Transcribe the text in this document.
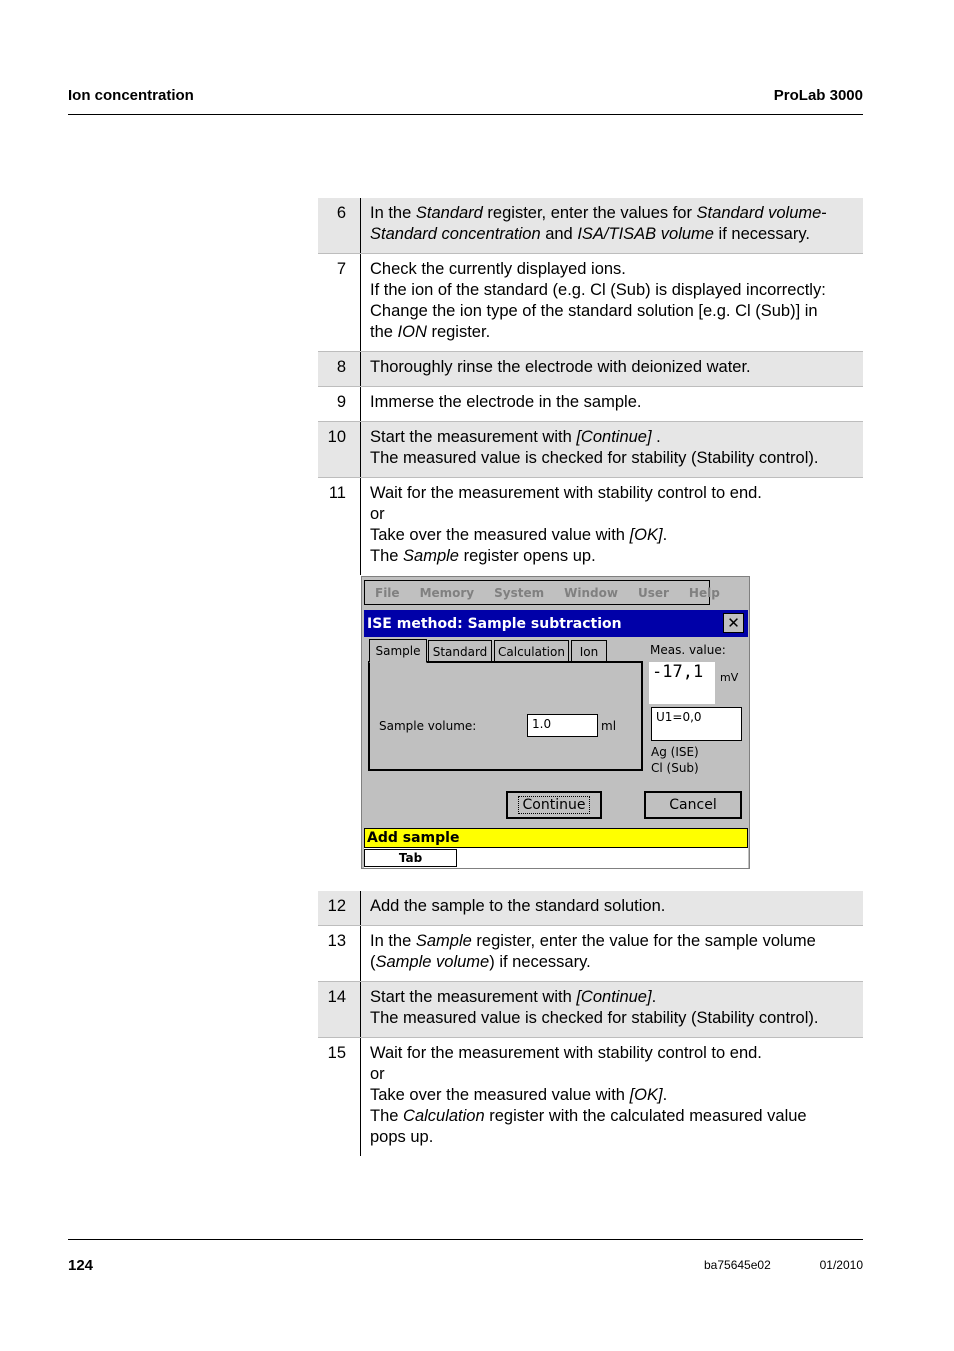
Ion concentration	ProLab 3000
6	In the Standard register, enter the values for Standard volume-
Standard concentration and ISA/TISAB volume if necessary.
7	Check the currently displayed ions.
If the ion of the standard (e.g. Cl (Sub) is displayed incorrectly:
Change the ion type of the standard solution [e.g. Cl (Sub)] in
the ION register.
8	Thoroughly rinse the electrode with deionized water.
9	Immerse the electrode in the sample.
10	Start the measurement with [Continue] .
The measured value is checked for stability (Stability control).
11	Wait for the measurement with stability control to end.
or
Take over the measured value with [OK].
The Sample register opens up.
File	Memory	System	Window	User	Help
ISE method: Sample subtraction	✕
Sample	Standard Calculation	Ion
Sample volume:	1.0	ml
Meas. value:
-17,1	mV
U1=0,0
Ag (ISE)
Cl (Sub)
Continue	Cancel
Add sample
Tab
12	Add the sample to the standard solution.
13	In the Sample register, enter the value for the sample volume
(Sample volume) if necessary.
14	Start the measurement with [Continue].
The measured value is checked for stability (Stability control).
15	Wait for the measurement with stability control to end.
or
Take over the measured value with [OK].
The Calculation register with the calculated measured value
pops up.
124	ba75645e02	01/2010
